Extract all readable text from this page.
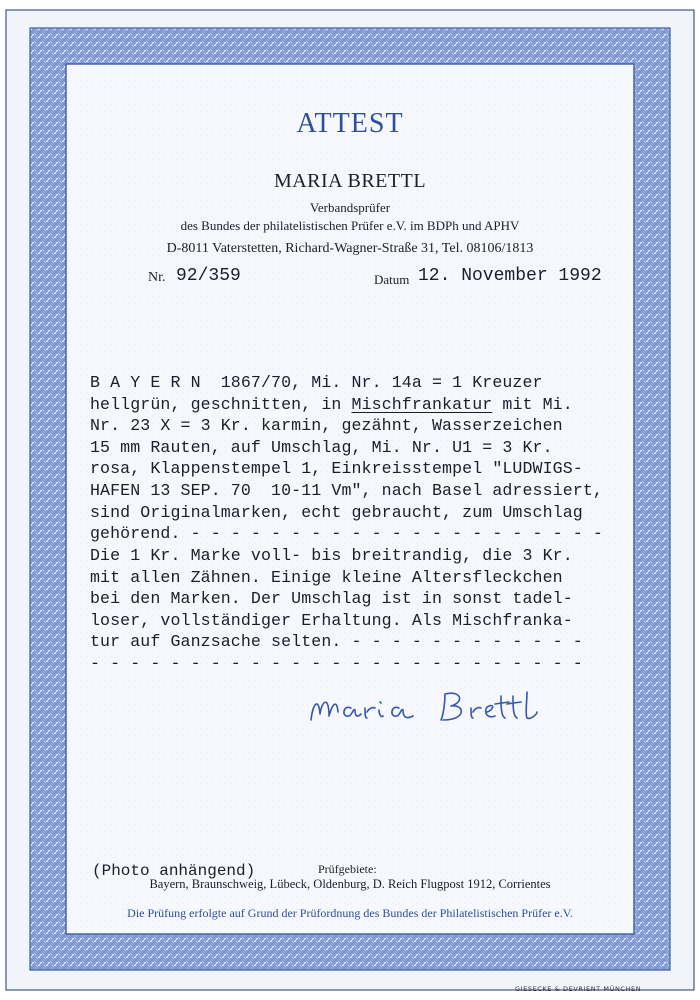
ATTEST
MARIA BRETTL
Verbandsprüfer
des Bundes der philatelistischen Prüfer e.V. im BDPh und APHV
D-8011 Vaterstetten, Richard-Wagner-Straße 31, Tel. 08106/1813
Nr. 92/359	Datum 12. November 1992
B A Y E R N  1867/70, Mi. Nr. 14a = 1 Kreuzer
hellgrün, geschnitten, in Mischfrankatur mit Mi.
Nr. 23 X = 3 Kr. karmin, gezähnt, Wasserzeichen
15 mm Rauten, auf Umschlag, Mi. Nr. U1 = 3 Kr.
rosa, Klappenstempel 1, Einkreisstempel "LUDWIGS-
HAFEN 13 SEP. 70  10-11 Vm", nach Basel adressiert,
sind Originalmarken, echt gebraucht, zum Umschlag
gehörend. - - - - - - - - - - - - - - - - - - - - -
Die 1 Kr. Marke voll- bis breitrandig, die 3 Kr.
mit allen Zähnen. Einige kleine Altersfleckchen
bei den Marken. Der Umschlag ist in sonst tadel-
loser, vollständiger Erhaltung. Als Mischfrankа-
tur auf Ganzsache selten. - - - - - - - - - - - -
- - - - - - - - - - - - - - - - - - - - - - - - -
(Photo anhängend)	Prüfgebiete:
Bayern, Braunschweig, Lübeck, Oldenburg, D. Reich Flugpost 1912, Corrientes
Die Prüfung erfolgte auf Grund der Prüfordnung des Bundes der Philatelistischen Prüfer e.V.
GIESECKE & DEVRIENT MÜNCHEN
